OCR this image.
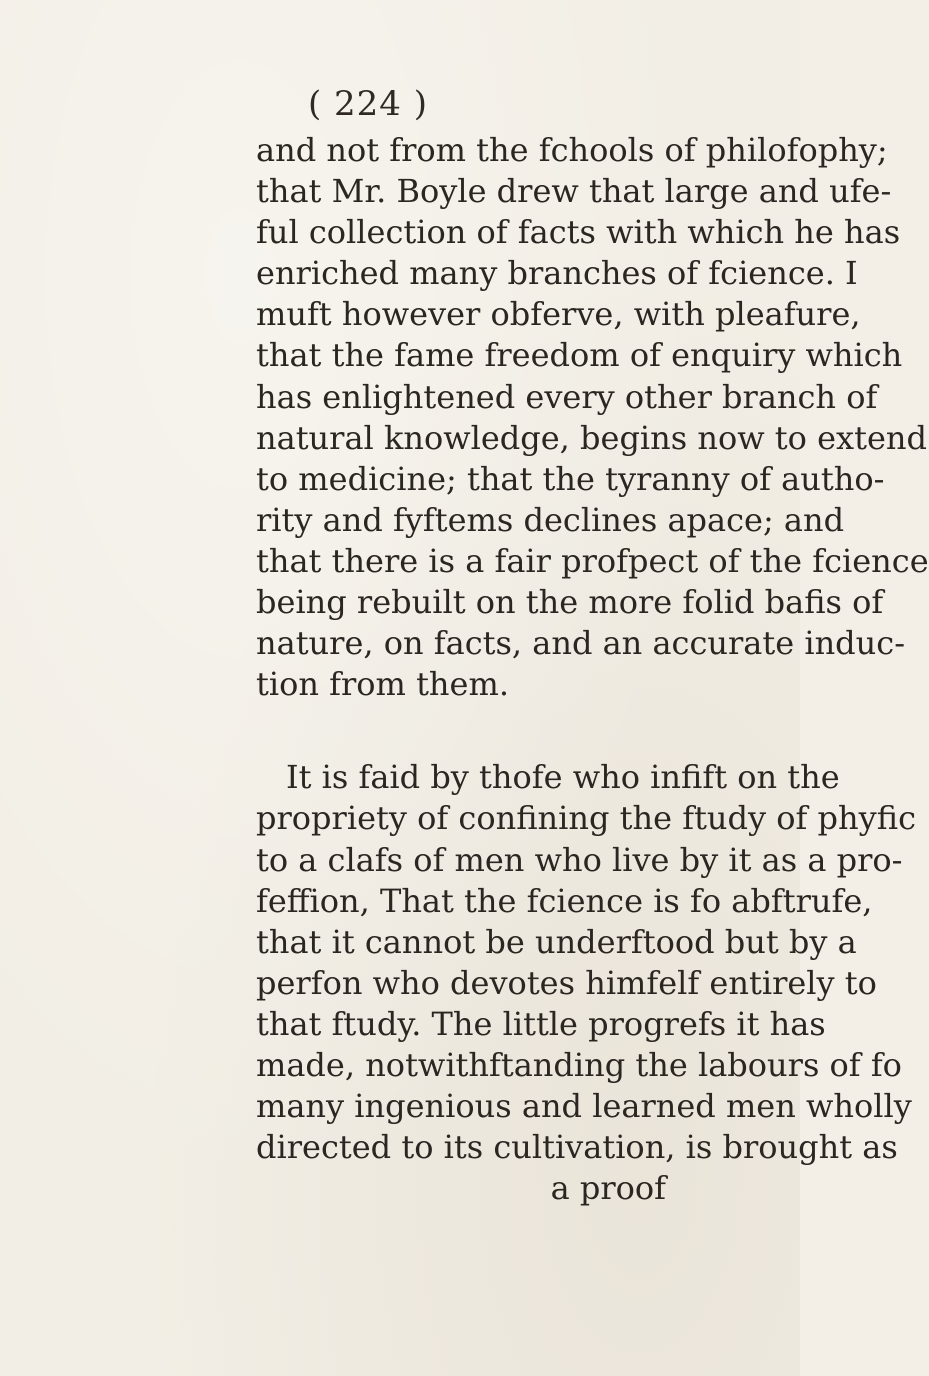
( 224 )
and not from the fchools of philofophy;
that Mr. Boyle drew that large and ufe-
ful collection of facts with which he has
enriched many branches of fcience. I
muft however obferve, with pleafure,
that the fame freedom of enquiry which
has enlightened every other branch of
natural knowledge, begins now to extend
to medicine; that the tyranny of autho-
rity and fyftems declines apace; and
that there is a fair profpect of the fcience
being rebuilt on the more folid bafis of
nature, on facts, and an accurate induc-
tion from them.
It is faid by thofe who infift on the
propriety of confining the ftudy of phyfic
to a clafs of men who live by it as a pro-
feffion, That the fcience is fo abftrufe,
that it cannot be underftood but by a
perfon who devotes himfelf entirely to
that ftudy. The little progrefs it has
made, notwithftanding the labours of fo
many ingenious and learned men wholly
directed to its cultivation, is brought as
a proof
